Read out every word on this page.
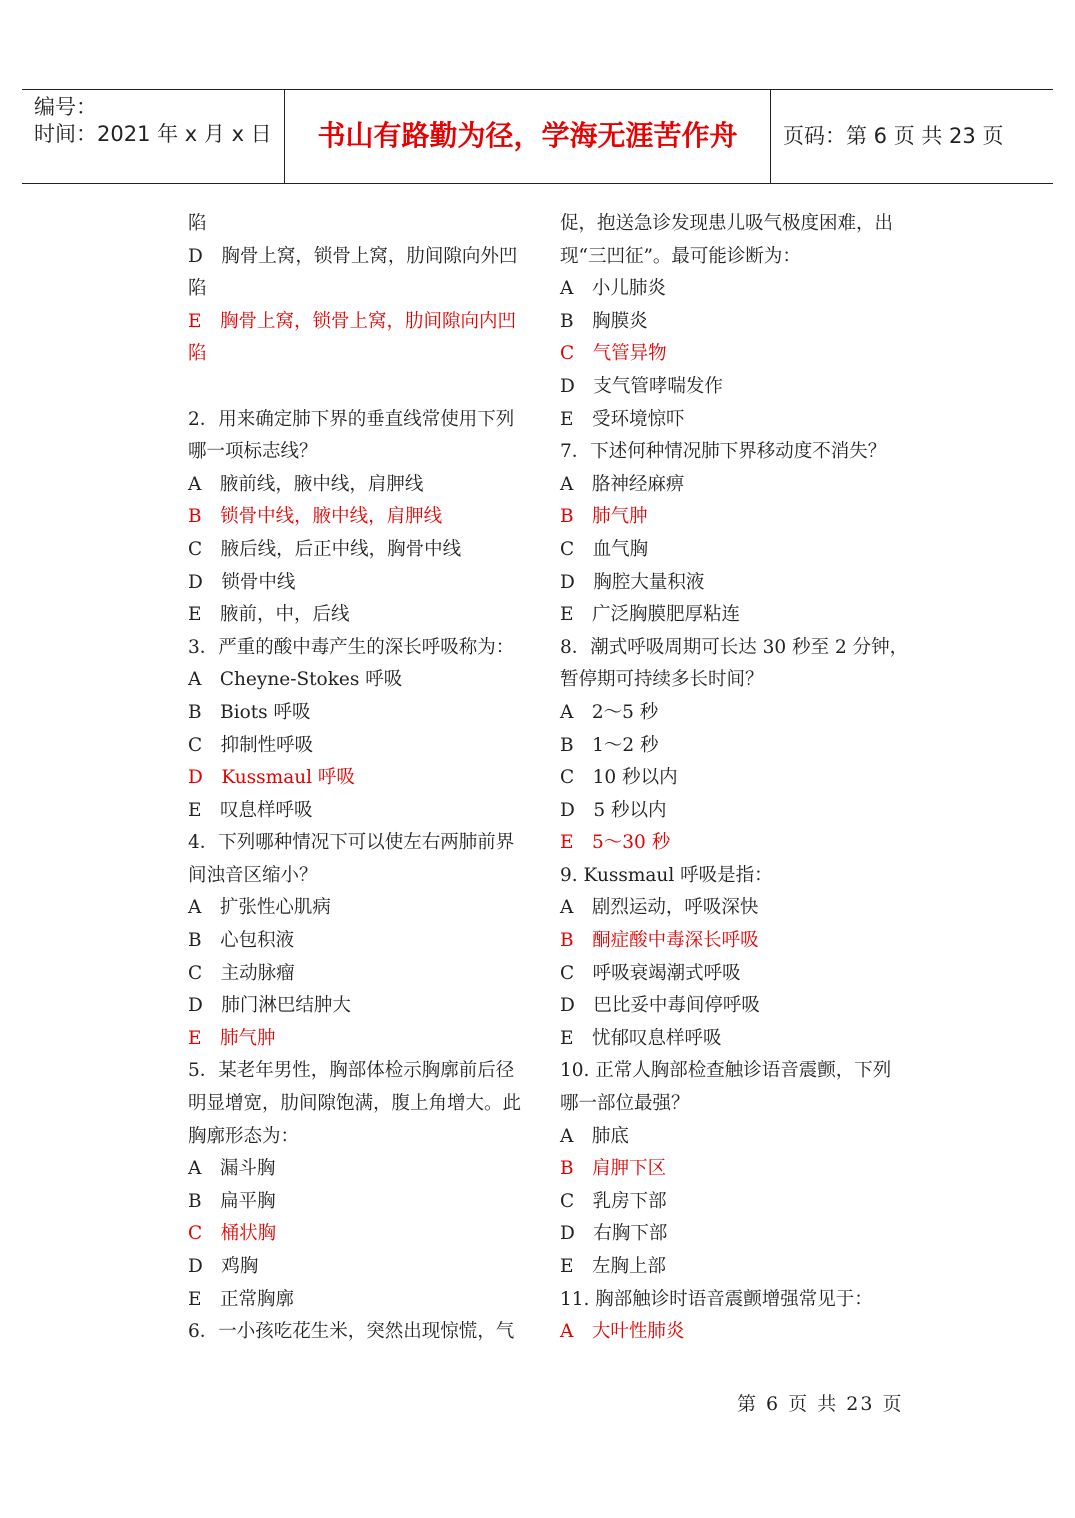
编号：
时间：2021 年 x 月 x 日	书山有路勤为径，学海无涯苦作舟	页码：第 6 页 共 23 页
陷
D　胸骨上窝，锁骨上窝，肋间隙向外凹
陷
E　胸骨上窝，锁骨上窝，肋间隙向内凹
陷
2．用来确定肺下界的垂直线常使用下列
哪一项标志线？
A　腋前线，腋中线，肩胛线
B　锁骨中线，腋中线，肩胛线
C　腋后线，后正中线，胸骨中线
D　锁骨中线
E　腋前，中，后线
3．严重的酸中毒产生的深长呼吸称为：
A　Cheyne-Stokes 呼吸
B　Biots 呼吸
C　抑制性呼吸
D　Kussmaul 呼吸
E　叹息样呼吸
4．下列哪种情况下可以使左右两肺前界
间浊音区缩小？
A　扩张性心肌病
B　心包积液
C　主动脉瘤
D　肺门淋巴结肿大
E　肺气肿
5．某老年男性，胸部体检示胸廓前后径
明显增宽，肋间隙饱满，腹上角增大。此
胸廓形态为：
A　漏斗胸
B　扁平胸
C　桶状胸
D　鸡胸
E　正常胸廓
6．一小孩吃花生米，突然出现惊慌，气
促，抱送急诊发现患儿吸气极度困难，出
现“三凹征”。最可能诊断为：
A　小儿肺炎
B　胸膜炎
C　气管异物
D　支气管哮喘发作
E　受环境惊吓
7．下述何种情况肺下界移动度不消失？
A　胳神经麻痹
B　肺气肿
C　血气胸
D　胸腔大量积液
E　广泛胸膜肥厚粘连
8．潮式呼吸周期可长达 30 秒至 2 分钟，
暂停期可持续多长时间？
A　2～5 秒
B　1～2 秒
C　10 秒以内
D　5 秒以内
E　5～30 秒
9. Kussmaul 呼吸是指：
A　剧烈运动，呼吸深快
B　酮症酸中毒深长呼吸
C　呼吸衰竭潮式呼吸
D　巴比妥中毒间停呼吸
E　忧郁叹息样呼吸
10. 正常人胸部检查触诊语音震颤，下列
哪一部位最强？
A　肺底
B　肩胛下区
C　乳房下部
D　右胸下部
E　左胸上部
11. 胸部触诊时语音震颤增强常见于：
A　大叶性肺炎
第 6 页 共 23 页
